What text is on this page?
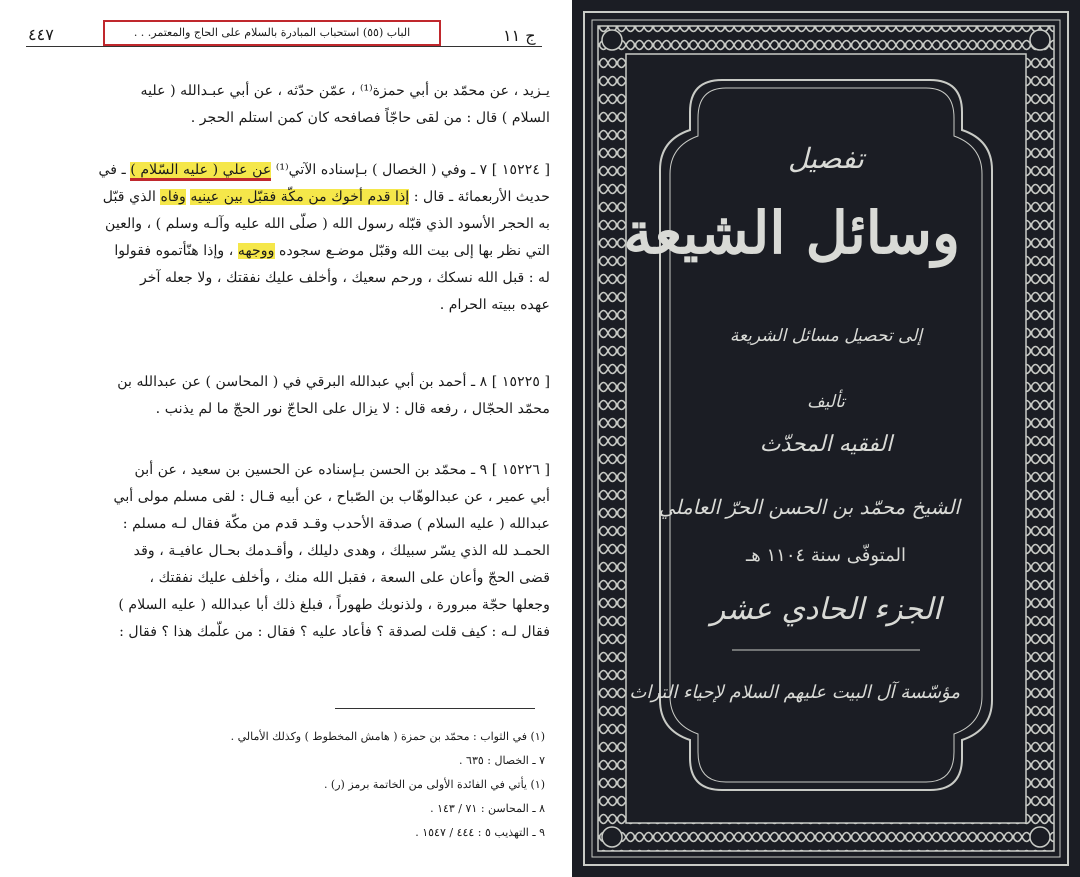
٤٤٧	الباب (٥٥) استحباب المبادرة بالسلام على الحاج والمعتمر. . .	ج ١١
يـزيد ، عن محمّد بن أبي حمزة⁽¹⁾ ، عمّن حدّثه ، عن أبي عبـدالله ( عليه
السلام ) قال : من لقى حاجّاً فصافحه كان كمن استلم الحجر .
[ ١٥٢٢٤ ] ٧ ـ وفي ( الخصال ) بـإسناده الآتي⁽¹⁾ عن علي ( عليه السّلام ) ـ في
حديث الأربعمائة ـ قال : إذا قدم أخوك من مكّة فقبّل بين عينيه وفاه الذي قبّل
به الحجر الأسود الذي قبّله رسول الله ( صلّى الله عليه وآلـه وسلم ) ، والعين
التي نظر بها إلى بيت الله وقبّل موضـع سجوده ووجهه ، وإذا هنّأتموه فقولوا
له : قبل الله نسكك ، ورحم سعيك ، وأخلف عليك نفقتك ، ولا جعله آخر
عهده ببيته الحرام .
[ ١٥٢٢٥ ] ٨ ـ أحمد بن أبي عبدالله البرقي في ( المحاسن ) عن عبدالله بن
محمّد الحجّال ، رفعه قال : لا يزال على الحاجّ نور الحجّ ما لم يذنب .
[ ١٥٢٢٦ ] ٩ ـ محمّد بن الحسن بـإسناده عن الحسين بن سعيد ، عن أبن
أبي عمير ، عن عبدالوهّاب بن الصّباح ، عن أبيه قـال : لقى مسلم مولى أبي
عبدالله ( عليه السلام ) صدقة الأحدب وقـد قدم من مكّة فقال لـه مسلم :
الحمـد لله الذي يسّر سبيلك ، وهدى دليلك ، وأقـدمك بحـال عافيـة ، وقد
قضى الحجّ وأعان على السعة ، فقبل الله منك ، وأخلف عليك نفقتك ،
وجعلها حجّة مبرورة ، ولذنوبك طهوراً ، فبلغ ذلك أبا عبدالله ( عليه السلام )
فقال لـه : كيف قلت لصدقة ؟ فأعاد عليه ؟ فقال : من علّمك هذا ؟ فقال :
(١) في الثواب : محمّد بن حمزة ( هامش المخطوط ) وكذلك الأمالي .
٧ ـ الخصال : ٦٣٥ .
(١) يأتي في الفائدة الأولى من الخاتمة برمز (ر) .
٨ ـ المحاسن : ٧١ / ١٤٣ .
٩ ـ التهذيب ٥ : ٤٤٤ / ١٥٤٧ .
تفصيل
وسائل الشيعة
إلى تحصيل مسائل الشريعة
تأليف
الفقيه المحدّث
الشيخ محمّد بن الحسن الحرّ العاملي
المتوفّى سنة ١١٠٤ هـ
الجزء الحادي عشر
مؤسّسة آل البيت عليهم السلام لإحياء التراث
